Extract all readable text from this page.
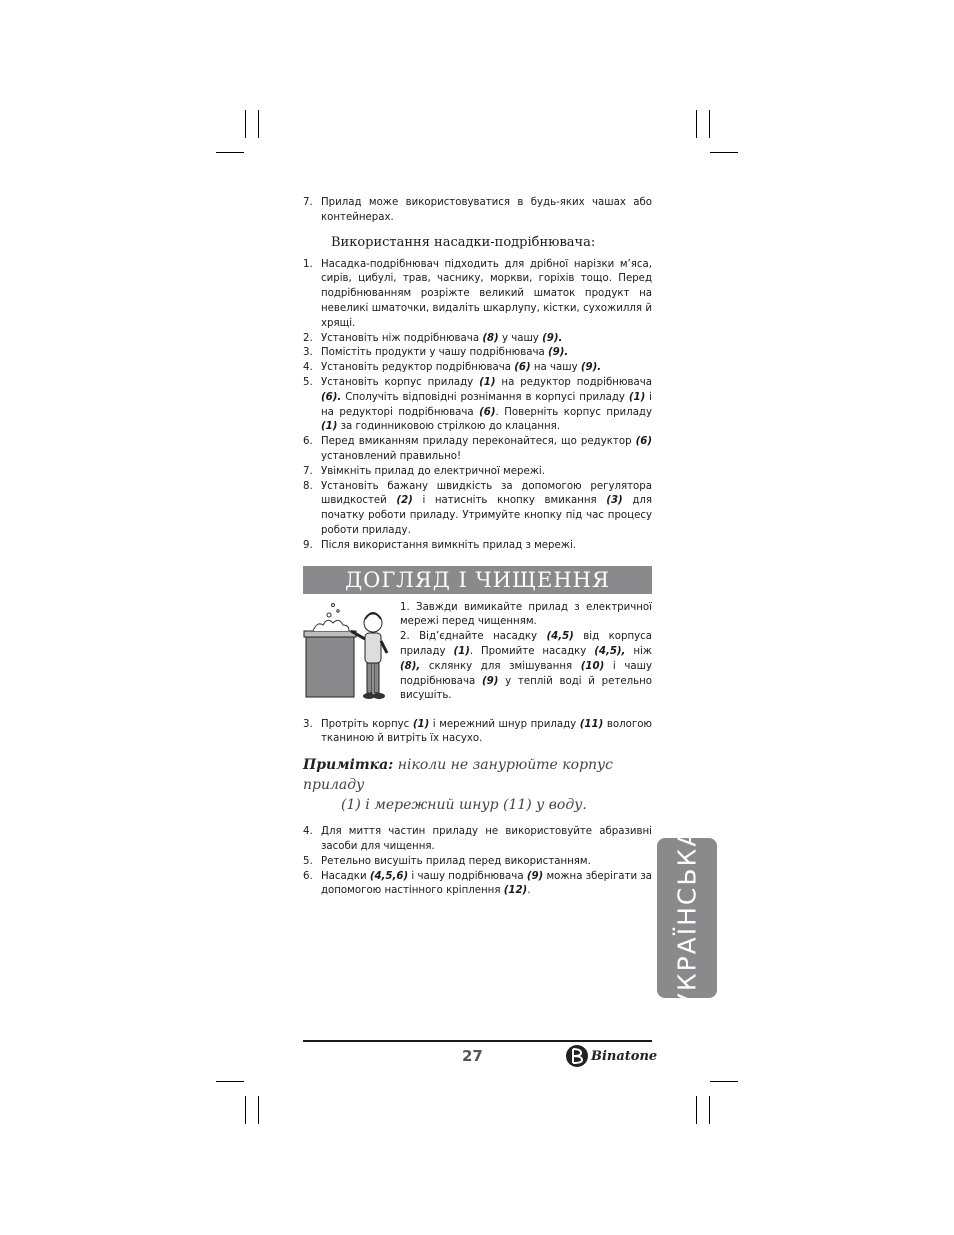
7. Прилад може використовуватися в будь-яких чашах або контейнерах.
Використання насадки-подрібнювача:
1. Насадка-подрібнювач підходить для дрібної нарізки м’яса, сирів, цибулі, трав, часнику, моркви, горіхів тощо. Перед подрібнюванням розріжте великий шматок продукт на невеликі шматочки, видаліть шкарлупу, кістки, сухожилля й хрящі.
2. Установіть ніж подрібнювача (8) у чашу (9).
3. Помістіть продукти у чашу подрібнювача (9).
4. Установіть редуктор подрібнювача (6) на чашу (9).
5. Установіть корпус приладу (1) на редуктор подрібнювача (6). Сполучіть відповідні рознімання в корпусі приладу (1) і на редукторі подрібнювача (6). Поверніть корпус приладу (1) за годинниковою стрілкою до клацання.
6. Перед вмиканням приладу переконайтеся, що редуктор (6) установлений правильно!
7. Увімкніть прилад до електричної мережі.
8. Установіть бажану швидкість за допомогою регулятора швидкостей (2) і натисніть кнопку вмикання (3) для початку роботи приладу. Утримуйте кнопку під час процесу роботи приладу.
9. Після використання вимкніть прилад з мережі.
ДОГЛЯД І ЧИЩЕННЯ

1. Завжди вимикайте прилад з електричної мережі перед чищенням.

2. Від’єднайте насадку (4,5) від корпуса приладу (1). Промийте насадку (4,5), ніж (8), склянку для змішування (10) і чашу подрібнювача (9) у теплій воді й ретельно висушіть.

3. Протріть корпус (1) і мережний шнур приладу (11) вологою тканиною й витріть їх насухо.
Примітка: ніколи не занурюйте корпус приладу
(1) і мережний шнур (11) у воду.
4. Для миття частин приладу не використовуйте абразивні засоби для чищення.
5. Ретельно висушіть прилад перед використанням.
6. Насадки (4,5,6) і чашу подрібнювача (9) можна зберігати за допомогою настінного кріплення (12).	УКРАЇНСЬКА
27	Binatone
